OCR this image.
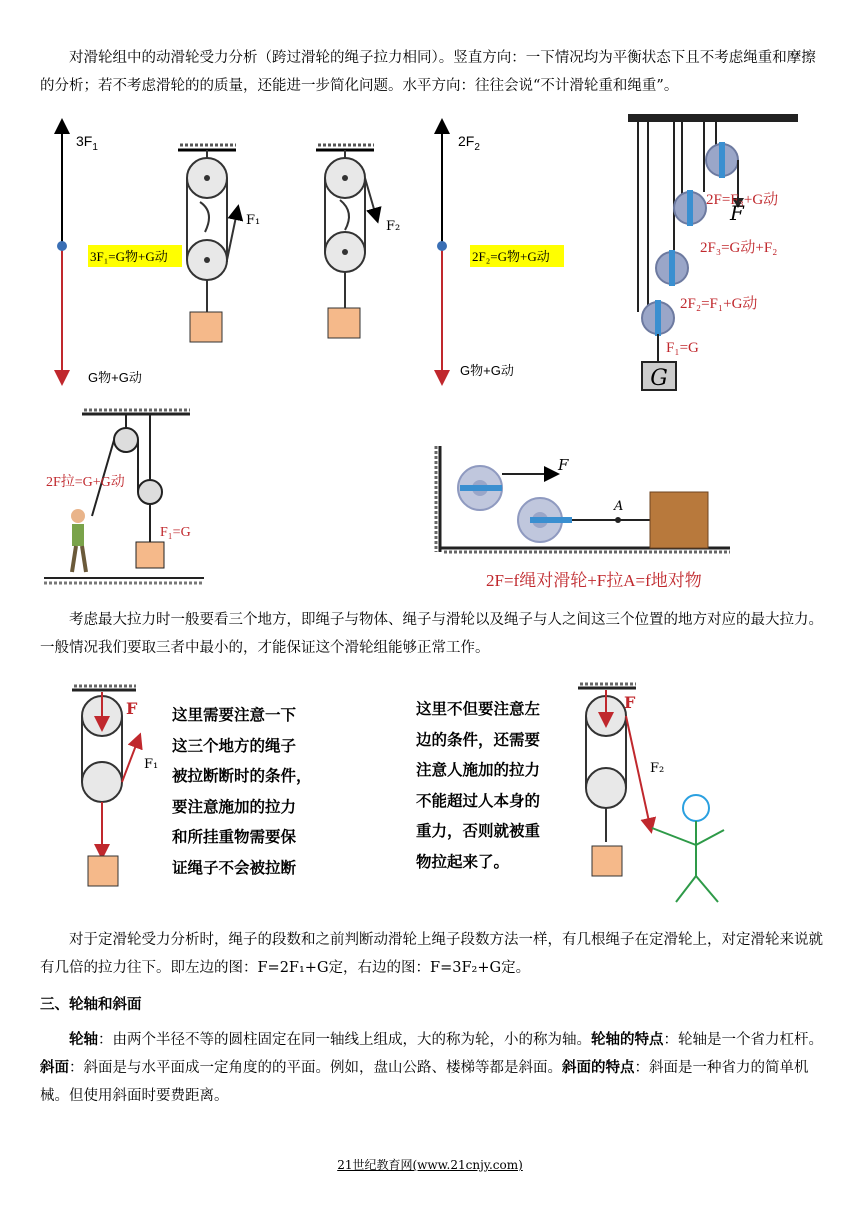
对滑轮组中的动滑轮受力分析（跨过滑轮的绳子拉力相同）。竖直方向：一下情况均为平衡状态下且不考虑绳重和摩擦的分析；若不考虑滑轮的的质量，还能进一步简化问题。水平方向：往往会说“不计滑轮重和绳重”。

$3F_1$
3F₁=G物+G动
G物+G动
F₁	F₂
$2F_2$
2F₂=G物+G动
G物+G动	G
2F=F₃+G动
2F₃=G动+F₂
2F₂=F₁+G动
F₁=G
F
2F拉=G+G动
F₁=G
F
A
2F=f绳对滑轮+F拉A=f地对物

考虑最大拉力时一般要看三个地方，即绳子与物体、绳子与滑轮以及绳子与人之间这三个位置的地方对应的最大拉力。一般情况我们要取三者中最小的，才能保证这个滑轮组能够正常工作。

F
F₁
这里需要注意一下
这三个地方的绳子
被拉断断时的条件，
要注意施加的拉力
和所挂重物需要保
证绳子不会被拉断
这里不但要注意左
边的条件，还需要
注意人施加的拉力
不能超过人本身的
重力，否则就被重
物拉起来了。
F
F₂

对于定滑轮受力分析时，绳子的段数和之前判断动滑轮上绳子段数方法一样，有几根绳子在定滑轮上，对定滑轮来说就有几倍的拉力往下。即左边的图：F=2F₁+G定，右边的图：F=3F₂+G定。

三、轮轴和斜面

轮轴：由两个半径不等的圆柱固定在同一轴线上组成，大的称为轮，小的称为轴。轮轴的特点：轮轴是一个省力杠杆。斜面：斜面是与水平面成一定角度的的平面。例如，盘山公路、楼梯等都是斜面。斜面的特点：斜面是一种省力的简单机械。但使用斜面时要费距离。

21世纪教育网(www.21cnjy.com)
